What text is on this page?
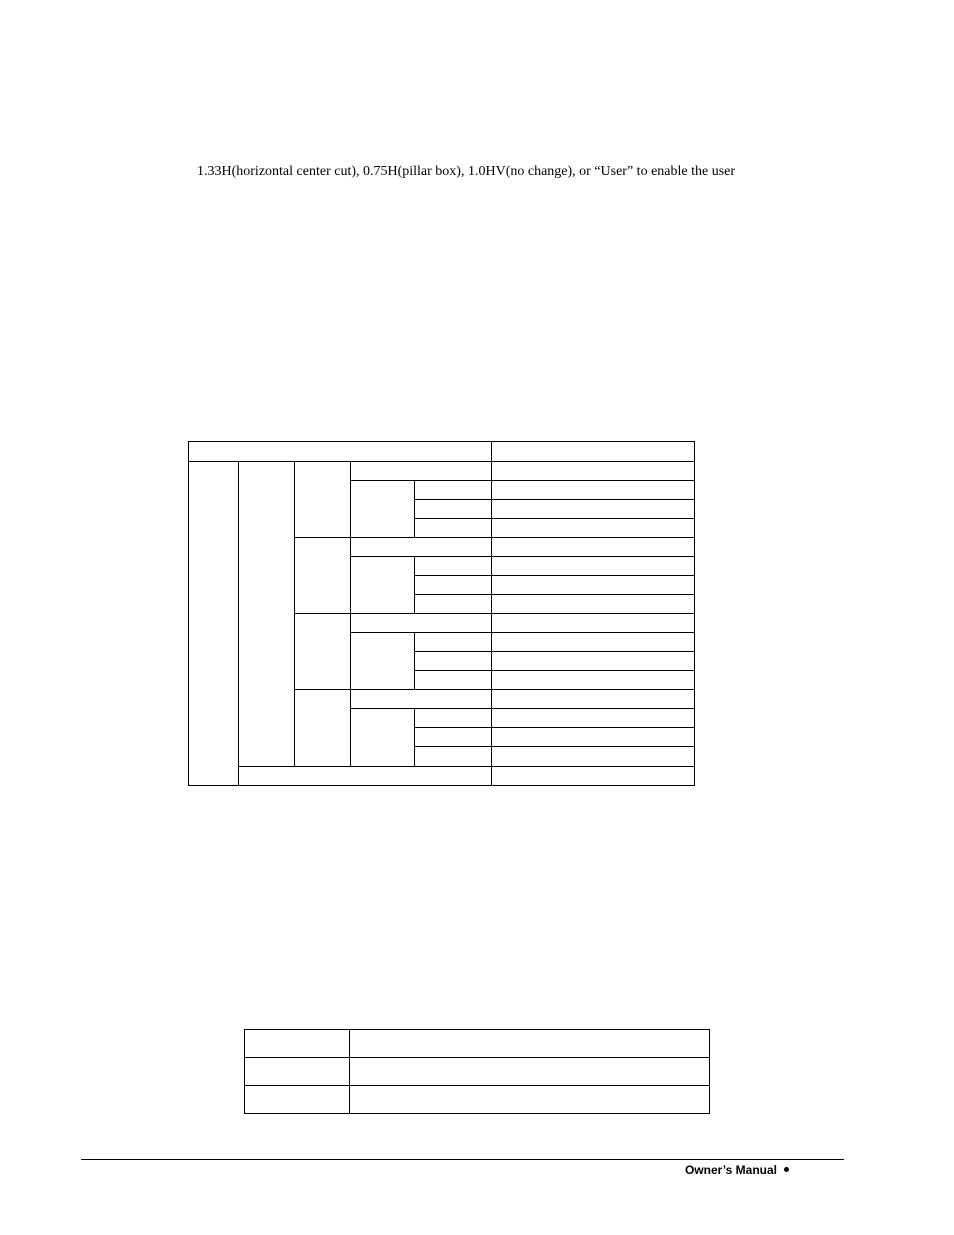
1.33H(horizontal center cut), 0.75H(pillar box), 1.0HV(no change), or “User” to enable the user

Owner’s Manual
